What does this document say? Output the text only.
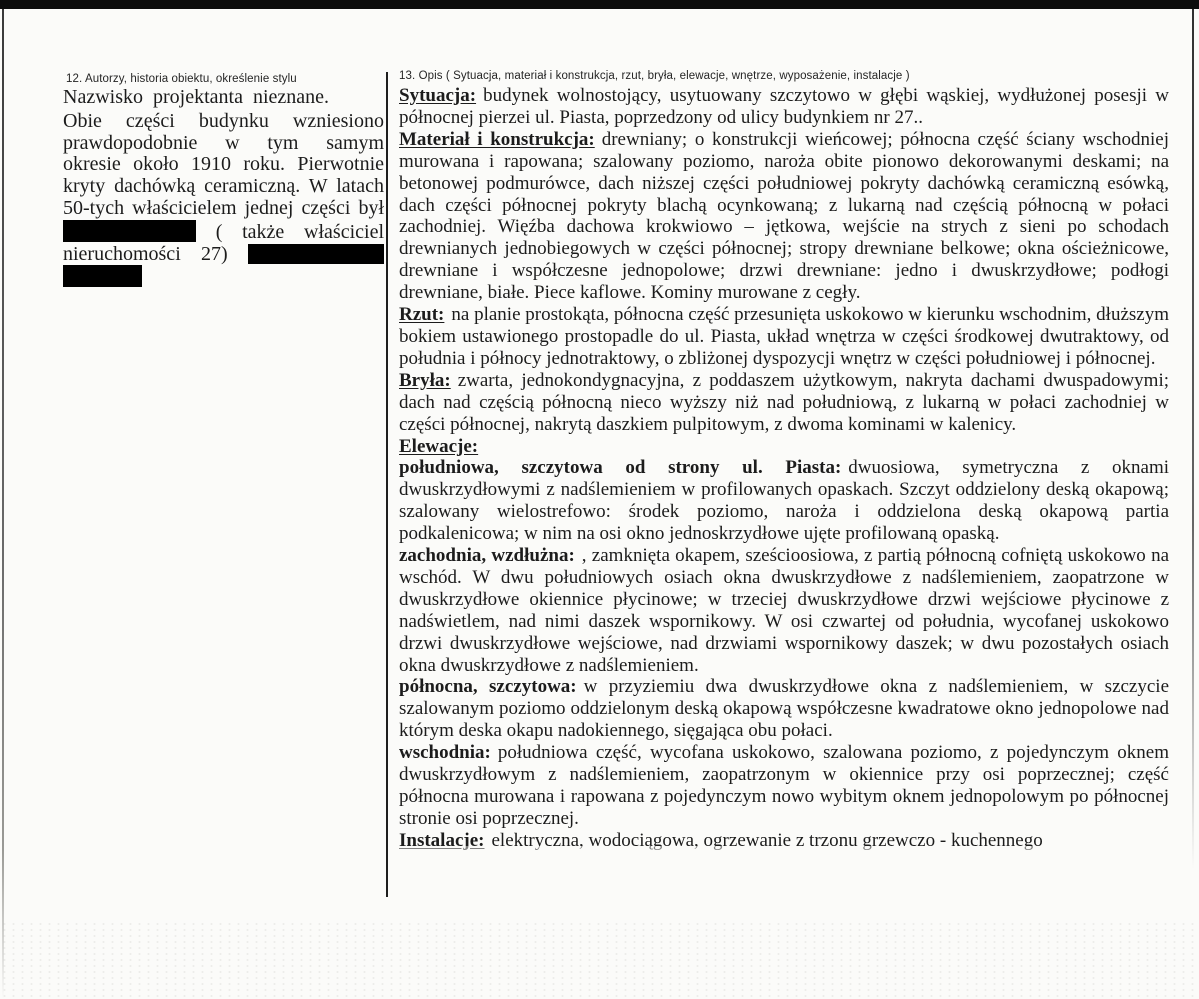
12. Autorzy, historia obiektu, określenie stylu
Nazwisko projektanta nieznane.
Obie części budynku wzniesiono prawdopodobnie w tym samym okresie około 1910 roku. Pierwotnie kryty dachówką ceramiczną. W latach 50-tych właścicielem jednej części był  ( także właściciel nieruchomości 27)
13. Opis ( Sytuacja, materiał i konstrukcja, rzut, bryła, elewacje, wnętrze, wyposażenie, instalacje )

Sytuacja: budynek wolnostojący, usytuowany szczytowo w głębi wąskiej, wydłużonej posesji w północnej pierzei ul. Piasta, poprzedzony od ulicy budynkiem nr 27..

Materiał i konstrukcja: drewniany; o konstrukcji wieńcowej; północna część ściany wschodniej murowana i rapowana; szalowany poziomo, naroża obite pionowo dekorowanymi deskami; na betonowej podmurówce, dach niższej części południowej pokryty dachówką ceramiczną esówką, dach części północnej pokryty blachą ocynkowaną; z lukarną nad częścią północną w połaci zachodniej. Więźba dachowa krokwiowo – jętkowa, wejście na strych z sieni po schodach drewnianych jednobiegowych w części północnej; stropy drewniane belkowe; okna ościeżnicowe, drewniane i współczesne jednopolowe; drzwi drewniane: jedno i dwuskrzydłowe; podłogi drewniane, białe. Piece kaflowe. Kominy murowane z cegły.

Rzut: na planie prostokąta, północna część przesunięta uskokowo w kierunku wschodnim, dłuższym bokiem ustawionego prostopadle do ul. Piasta, układ wnętrza w części środkowej dwutraktowy, od południa i północy jednotraktowy, o zbliżonej dyspozycji wnętrz w części południowej i północnej.

Bryła: zwarta, jednokondygnacyjna, z poddaszem użytkowym, nakryta dachami dwuspadowymi; dach nad częścią północną nieco wyższy niż nad południową, z lukarną w połaci zachodniej w części północnej, nakrytą daszkiem pulpitowym, z dwoma kominami w kalenicy.

Elewacje:

południowa, szczytowa od strony ul. Piasta: dwuosiowa, symetryczna z oknami dwuskrzydłowymi z nadślemieniem w profilowanych opaskach. Szczyt oddzielony deską okapową; szalowany wielostrefowo: środek poziomo, naroża i oddzielona deską okapową partia podkalenicowa; w nim na osi okno jednoskrzydłowe ujęte profilowaną opaską.

zachodnia, wzdłużna: , zamknięta okapem, sześcioosiowa, z partią północną cofniętą uskokowo na wschód. W dwu południowych osiach okna dwuskrzydłowe z nadślemieniem, zaopatrzone w dwuskrzydłowe okiennice płycinowe; w trzeciej dwuskrzydłowe drzwi wejściowe płycinowe z nadświetlem, nad nimi daszek wspornikowy. W osi czwartej od południa, wycofanej uskokowo drzwi dwuskrzydłowe wejściowe, nad drzwiami wspornikowy daszek; w dwu pozostałych osiach okna dwuskrzydłowe z nadślemieniem.

północna, szczytowa: w przyziemiu dwa dwuskrzydłowe okna z nadślemieniem, w szczycie szalowanym poziomo oddzielonym deską okapową współczesne kwadratowe okno jednopolowe nad którym deska okapu nadokiennego, sięgająca obu połaci.

wschodnia: południowa część, wycofana uskokowo, szalowana poziomo, z pojedynczym oknem dwuskrzydłowym z nadślemieniem, zaopatrzonym w okiennice przy osi poprzecznej; część północna murowana i rapowana z pojedynczym nowo wybitym oknem jednopolowym po północnej stronie osi poprzecznej.

Instalacje: elektryczna, wodociągowa, ogrzewanie z trzonu grzewczo - kuchennego
